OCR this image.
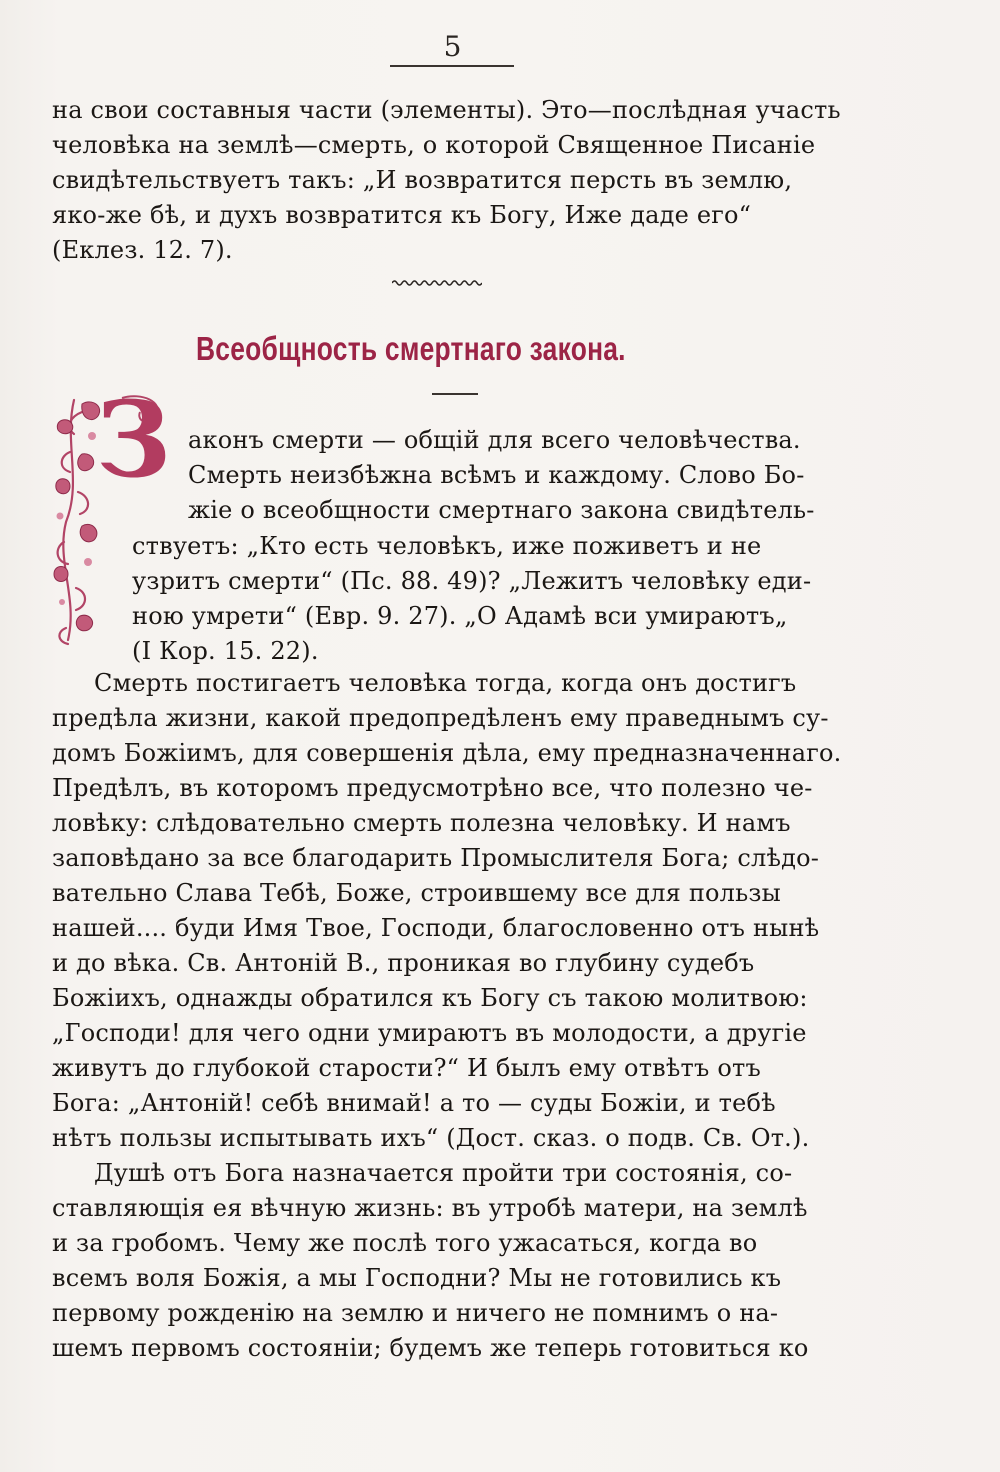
5
на свои составныя части (элементы). Это—послѣдная участь
человѣка на землѣ—смерть, о которой Священное Писаніе
свидѣтельствуетъ такъ: „И возвратится персть въ землю,
яко-же бѣ, и духъ возвратится къ Богу, Иже даде его“
(Еклез. 12. 7).
Всеобщность смертнаго закона.
З аконъ смерти — общій для всего человѣчества.
Смерть неизбѣжна всѣмъ и каждому. Слово Бо-
жіе о всеобщности смертнаго закона свидѣтель-
ствуетъ: „Кто есть человѣкъ, иже поживетъ и не
узритъ смерти“ (Пс. 88. 49)? „Лежитъ человѣку еди-
ною умрети“ (Евр. 9. 27). „О Адамѣ вси умираютъ„
(I Кор. 15. 22).
Смерть постигаетъ человѣка тогда, когда онъ достигъ
предѣла жизни, какой предопредѣленъ ему праведнымъ су-
домъ Божіимъ, для совершенія дѣла, ему предназначеннаго.
Предѣлъ, въ которомъ предусмотрѣно все, что полезно че-
ловѣку: слѣдовательно смерть полезна человѣку. И намъ
заповѣдано за все благодарить Промыслителя Бога; слѣдо-
вательно Слава Тебѣ, Боже, строившему все для пользы
нашей.... буди Имя Твое, Господи, благословенно отъ нынѣ
и до вѣка. Св. Антоній В., проникая во глубину судебъ
Божіихъ, однажды обратился къ Богу съ такою молитвою:
„Господи! для чего одни умираютъ въ молодости, а другіе
живутъ до глубокой старости?“ И былъ ему отвѣтъ отъ
Бога: „Антоній! себѣ внимай! а то — суды Божіи, и тебѣ
нѣтъ пользы испытывать ихъ“ (Дост. сказ. о подв. Св. От.).
Душѣ отъ Бога назначается пройти три состоянія, со-
ставляющія ея вѣчную жизнь: въ утробѣ матери, на землѣ
и за гробомъ. Чему же послѣ того ужасаться, когда во
всемъ воля Божія, а мы Господни? Мы не готовились къ
первому рожденію на землю и ничего не помнимъ о на-
шемъ первомъ состояніи; будемъ же теперь готовиться ко
